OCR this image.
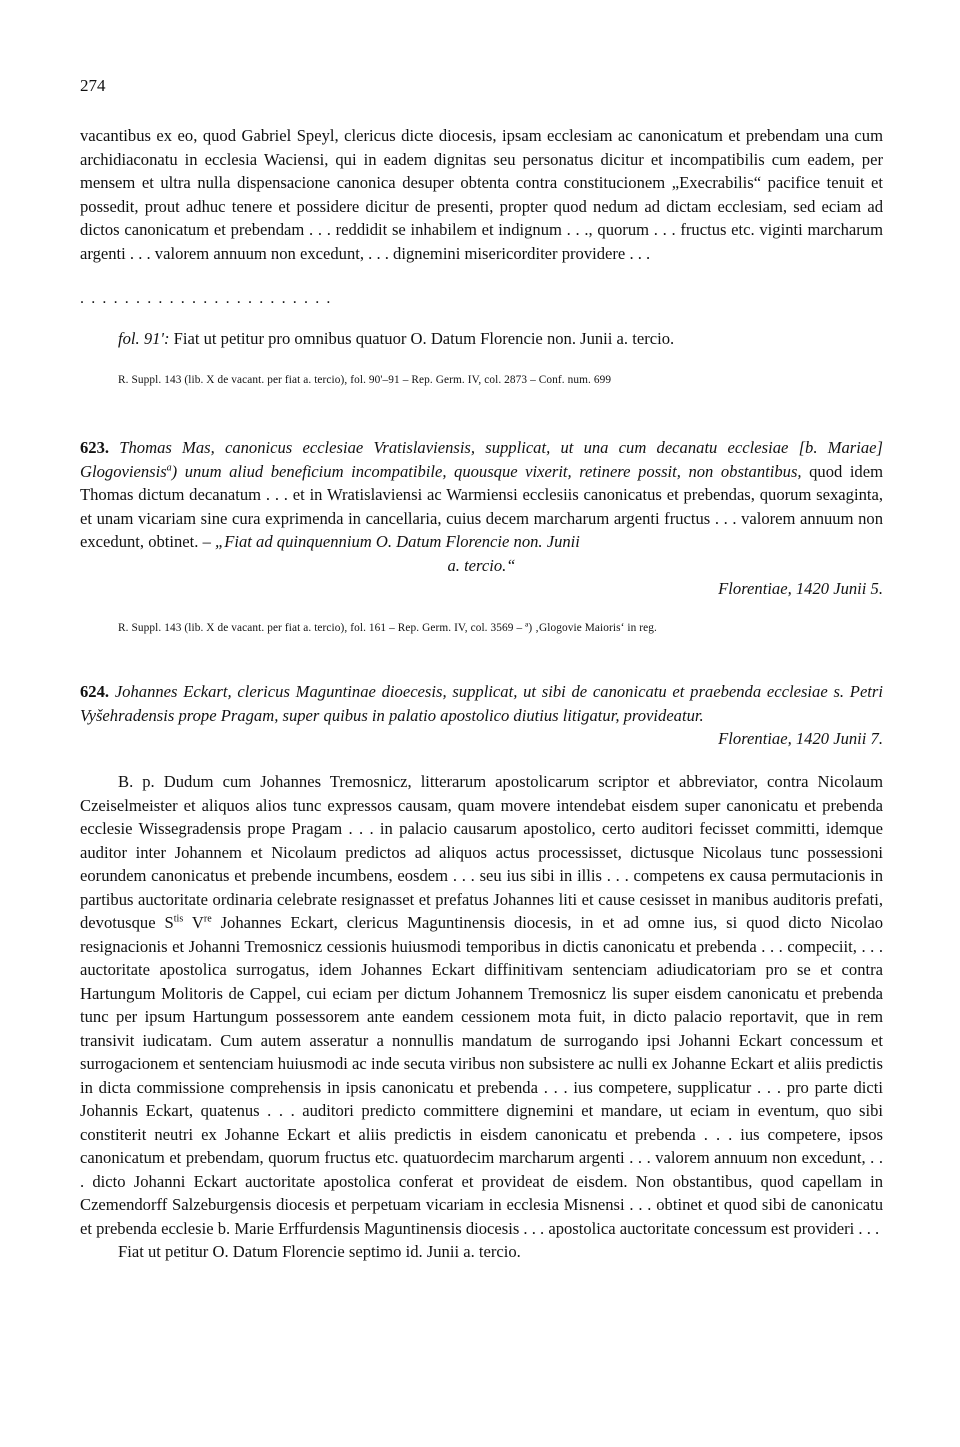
274

vacantibus ex eo, quod Gabriel Speyl, clericus dicte diocesis, ipsam ecclesiam ac canonicatum et prebendam una cum archidiaconatu in ecclesia Waciensi, qui in eadem dignitas seu personatus dicitur et incompatibilis cum eadem, per mensem et ultra nulla dispensacione canonica desuper obtenta contra constitucionem „Execrabilis“ pacifice tenuit et possedit, prout adhuc tenere et possidere dicitur de presenti, propter quod nedum ad dictam ecclesiam, sed eciam ad dictos canonicatum et prebendam . . . reddidit se inhabilem et indignum . . ., quorum . . . fructus etc. viginti marcharum argenti . . . valorem annuum non excedunt, . . . dignemini misericorditer providere . . .

. . . . . . . . . . . . . . . . . . . . . . .
fol. 91': Fiat ut petitur pro omnibus quatuor O. Datum Florencie non. Junii a. tercio.
R. Suppl. 143 (lib. X de vacant. per fiat a. tercio), fol. 90'–91 – Rep. Germ. IV, col. 2873 – Conf. num. 699

623. Thomas Mas, canonicus ecclesiae Vratislaviensis, supplicat, ut una cum decanatu ecclesiae [b. Mariae] Glogoviensis$^a$) unum aliud beneficium incompatibile, quousque vixerit, retinere possit, non obstantibus, quod idem Thomas dictum decanatum . . . et in Wratislaviensi ac Warmiensi ecclesiis canonicatus et prebendas, quorum sexaginta, et unam vicariam sine cura exprimenda in cancellaria, cuius decem marcharum argenti fructus . . . valorem annuum non excedunt, obtinet. – „Fiat ad quinquennium O. Datum Florencie non. Junii

a. tercio.“
Florentiae, 1420 Junii 5.
R. Suppl. 143 (lib. X de vacant. per fiat a. tercio), fol. 161 – Rep. Germ. IV, col. 3569 – ª) ‚Glogovie Maioris‘ in reg.

624. Johannes Eckart, clericus Maguntinae dioecesis, supplicat, ut sibi de canonicatu et praebenda ecclesiae s. Petri Vyšehradensis prope Pragam, super quibus in palatio apostolico diutius litigatur, provideatur.

Florentiae, 1420 Junii 7.

B. p. Dudum cum Johannes Tremosnicz, litterarum apostolicarum scriptor et abbreviator, contra Nicolaum Czeiselmeister et aliquos alios tunc expressos causam, quam movere intendebat eisdem super canonicatu et prebenda ecclesie Wissegradensis prope Pragam . . . in palacio causarum apostolico, certo auditori fecisset committi, idemque auditor inter Johannem et Nicolaum predictos ad aliquos actus processisset, dictusque Nicolaus tunc possessioni eorundem canonicatus et prebende incumbens, eosdem . . . seu ius sibi in illis . . . competens ex causa permutacionis in partibus auctoritate ordinaria celebrate resignasset et prefatus Johannes liti et cause cesisset in manibus auditoris prefati, devotusque $S^{tis}$ Vre Johannes Eckart, clericus Maguntinensis diocesis, in et ad omne ius, si quod dicto Nicolao resignacionis et Johanni Tremosnicz cessionis huiusmodi temporibus in dictis canonicatu et prebenda . . . compeciit, . . . auctoritate apostolica surrogatus, idem Johannes Eckart diffinitivam sentenciam adiudicatoriam pro se et contra Hartungum Molitoris de Cappel, cui eciam per dictum Johannem Tremosnicz lis super eisdem canonicatu et prebenda tunc per ipsum Hartungum possessorem ante eandem cessionem mota fuit, in dicto palacio reportavit, que in rem transivit iudicatam. Cum autem asseratur a nonnullis mandatum de surrogando ipsi Johanni Eckart concessum et surrogacionem et sentenciam huiusmodi ac inde secuta viribus non subsistere ac nulli ex Johanne Eckart et aliis predictis in dicta commissione comprehensis in ipsis canonicatu et prebenda . . . ius competere, supplicatur . . . pro parte dicti Johannis Eckart, quatenus . . . auditori predicto committere dignemini et mandare, ut eciam in eventum, quo sibi constiterit neutri ex Johanne Eckart et aliis predictis in eisdem canonicatu et prebenda . . . ius competere, ipsos canonicatum et prebendam, quorum fructus etc. quatuordecim marcharum argenti . . . valorem annuum non excedunt, . . . dicto Johanni Eckart auctoritate apostolica conferat et provideat de eisdem. Non obstantibus, quod capellam in Czemendorff Salzeburgensis diocesis et perpetuam vicariam in ecclesia Misnensi . . . obtinet et quod sibi de canonicatu et prebenda ecclesie b. Marie Erffurdensis Maguntinensis diocesis . . . apostolica auctoritate concessum est provideri . . .

Fiat ut petitur O. Datum Florencie septimo id. Junii a. tercio.
